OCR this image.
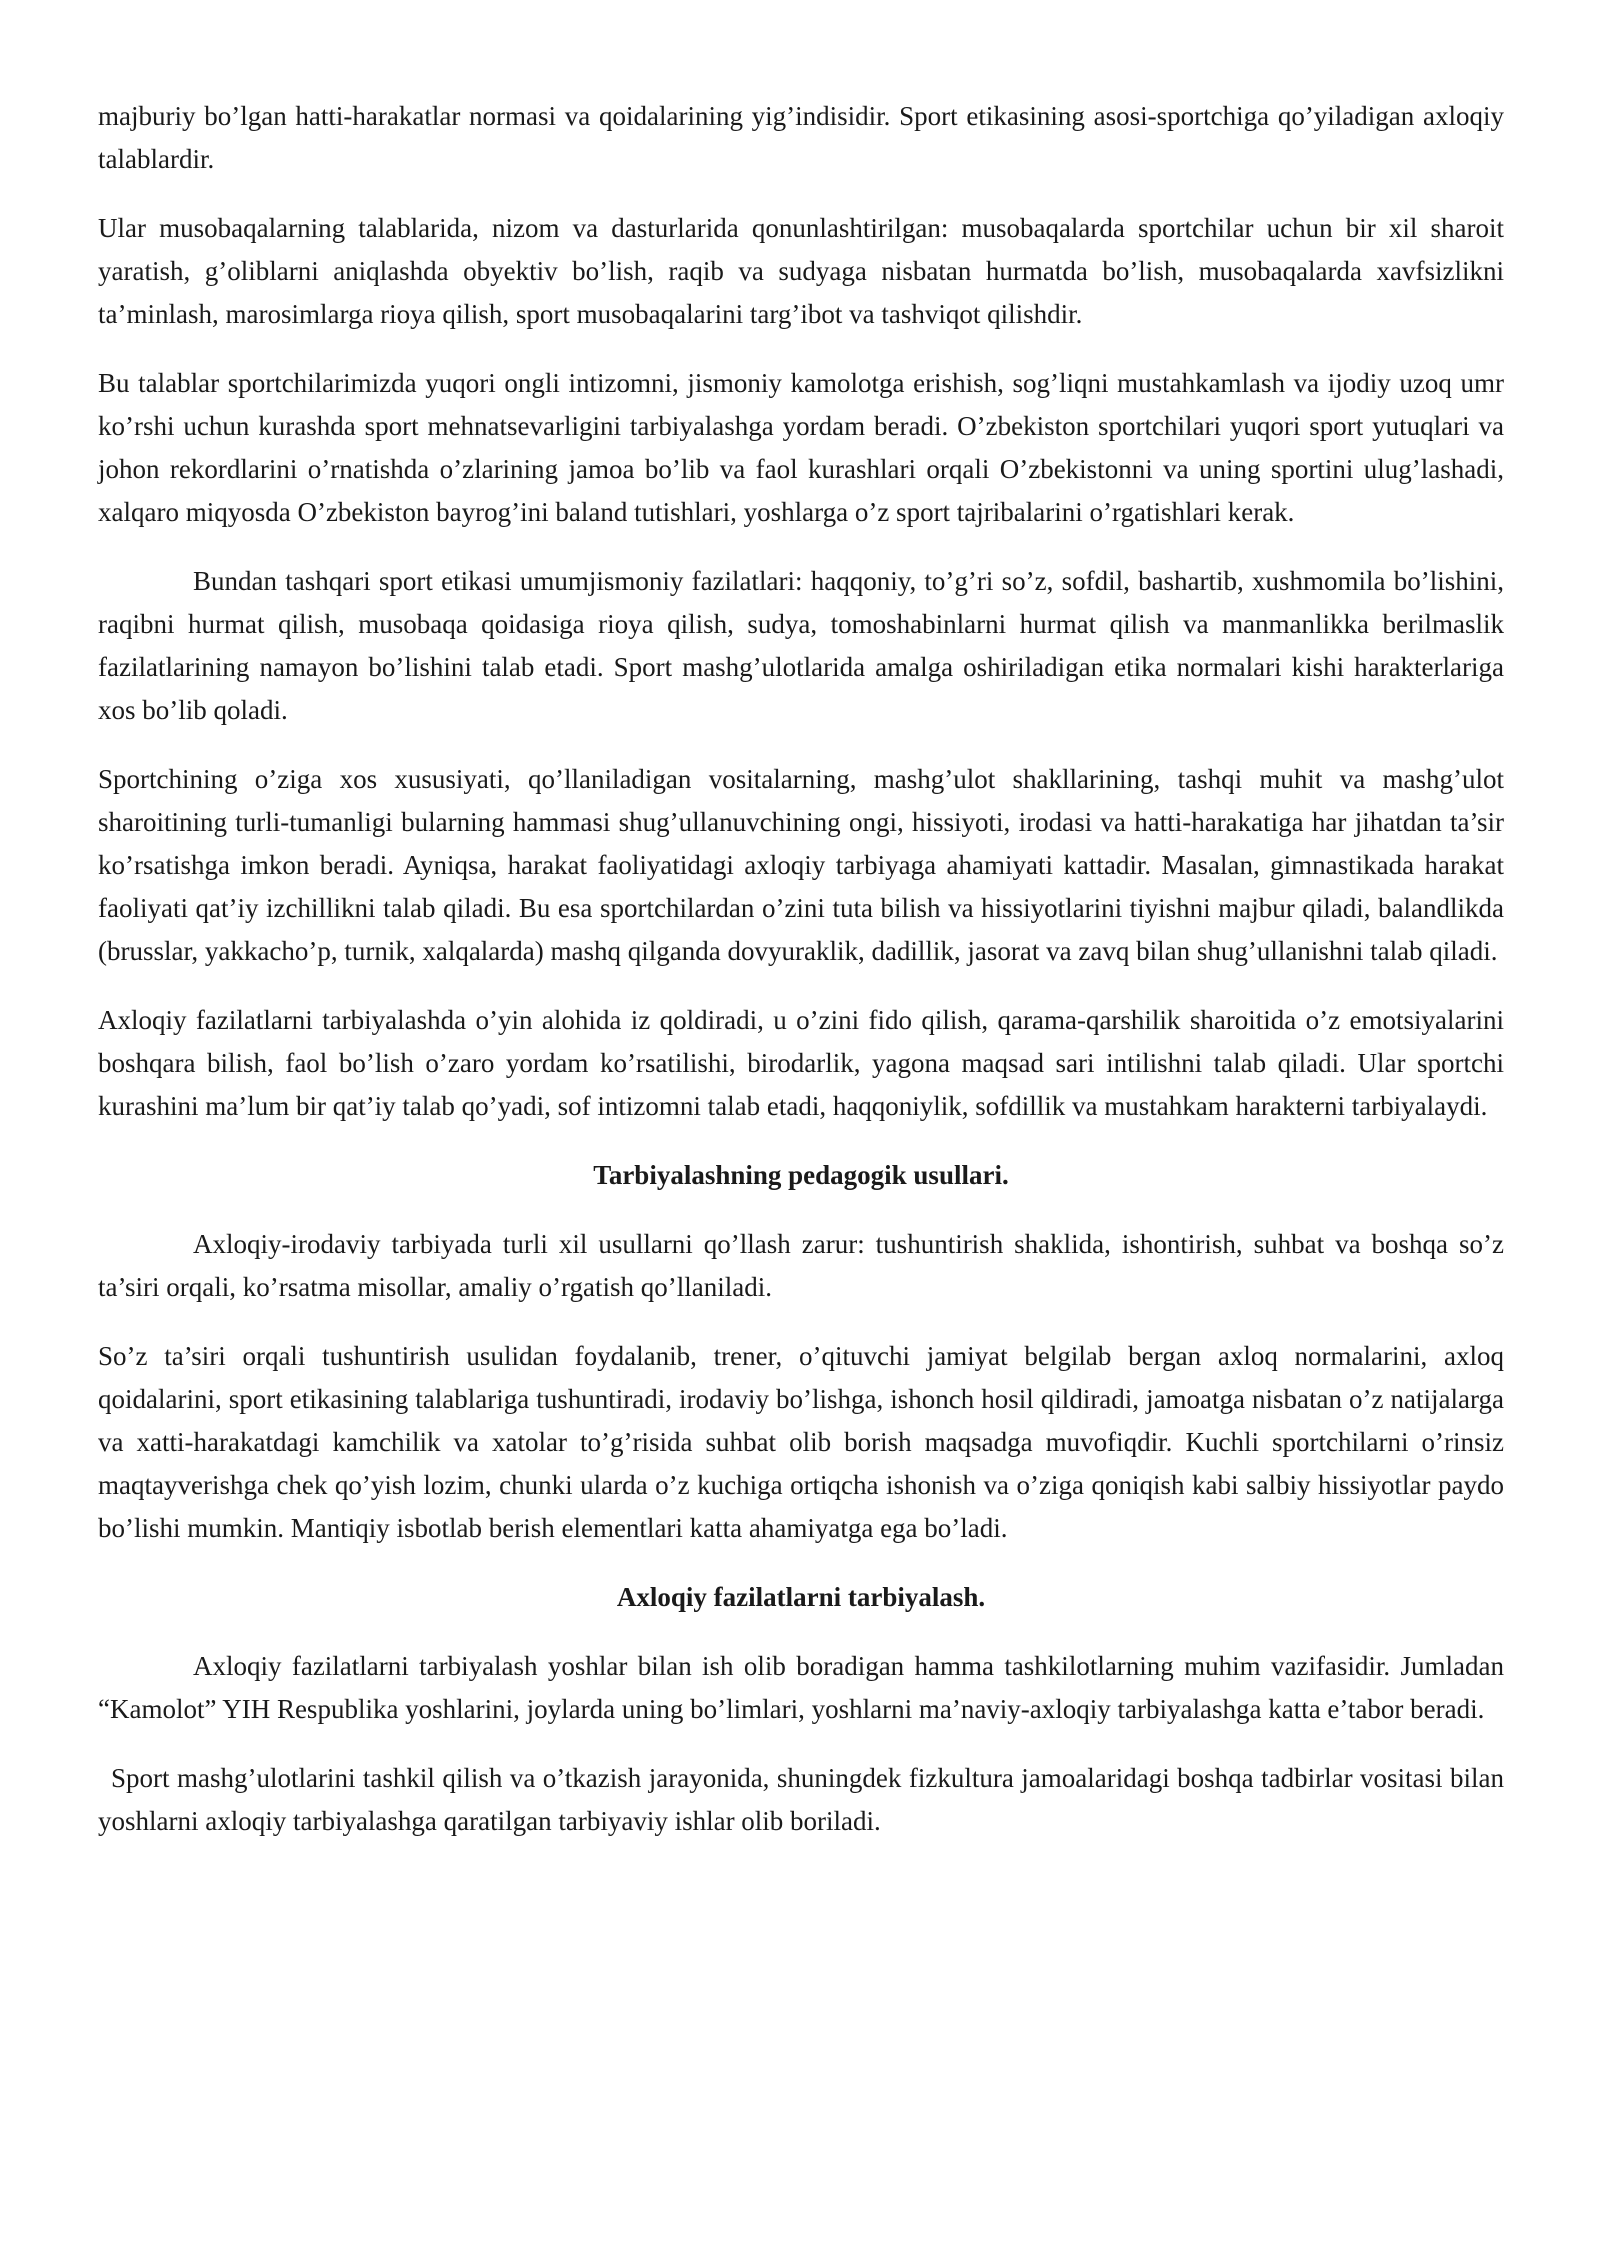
majburiy bo’lgan hatti-harakatlar normasi va qoidalarining yig’indisidir. Sport etikasining asosi-sportchiga qo’yiladigan axloqiy talablardir.

Ular musobaqalarning talablarida, nizom va dasturlarida qonunlashtirilgan: musobaqalarda sportchilar uchun bir xil sharoit yaratish, g’oliblarni aniqlashda obyektiv bo’lish, raqib va sudyaga nisbatan hurmatda bo’lish, musobaqalarda xavfsizlikni ta’minlash, marosimlarga rioya qilish, sport musobaqalarini targ’ibot va tashviqot qilishdir.

Bu talablar sportchilarimizda yuqori ongli intizomni, jismoniy kamolotga erishish, sog’liqni mustahkamlash va ijodiy uzoq umr ko’rshi uchun kurashda sport mehnatsevarligini tarbiyalashga yordam beradi. O’zbekiston sportchilari yuqori sport yutuqlari va johon rekordlarini o’rnatishda o’zlarining jamoa bo’lib va faol kurashlari orqali O’zbekistonni va uning sportini ulug’lashadi, xalqaro miqyosda O’zbekiston bayrog’ini baland tutishlari, yoshlarga o’z sport tajribalarini o’rgatishlari kerak.

Bundan tashqari sport etikasi umumjismoniy fazilatlari: haqqoniy, to’g’ri so’z, sofdil, bashartib, xushmomila bo’lishini, raqibni hurmat qilish, musobaqa qoidasiga rioya qilish, sudya, tomoshabinlarni hurmat qilish va manmanlikka berilmaslik fazilatlarining namayon bo’lishini talab etadi. Sport mashg’ulotlarida amalga oshiriladigan etika normalari kishi harakterlariga xos bo’lib qoladi.

Sportchining o’ziga xos xususiyati, qo’llaniladigan vositalarning, mashg’ulot shakllarining, tashqi muhit va mashg’ulot sharoitining turli-tumanligi bularning hammasi shug’ullanuvchining ongi, hissiyoti, irodasi va hatti-harakatiga har jihatdan ta’sir ko’rsatishga imkon beradi. Ayniqsa, harakat faoliyatidagi axloqiy tarbiyaga ahamiyati kattadir. Masalan, gimnastikada harakat faoliyati qat’iy izchillikni talab qiladi. Bu esa sportchilardan o’zini tuta bilish va hissiyotlarini tiyishni majbur qiladi, balandlikda (brusslar, yakkacho’p, turnik, xalqalarda) mashq qilganda dovyuraklik, dadillik, jasorat va zavq bilan shug’ullanishni talab qiladi.

Axloqiy fazilatlarni tarbiyalashda o’yin alohida iz qoldiradi, u o’zini fido qilish, qarama-qarshilik sharoitida o’z emotsiyalarini boshqara bilish, faol bo’lish o’zaro yordam ko’rsatilishi, birodarlik, yagona maqsad sari intilishni talab qiladi. Ular sportchi kurashini ma’lum bir qat’iy talab qo’yadi, sof intizomni talab etadi, haqqoniylik, sofdillik va mustahkam harakterni tarbiyalaydi.

Tarbiyalashning pedagogik usullari.

Axloqiy-irodaviy tarbiyada turli xil usullarni qo’llash zarur: tushuntirish shaklida, ishontirish, suhbat va boshqa so’z ta’siri orqali, ko’rsatma misollar, amaliy o’rgatish qo’llaniladi.

So’z ta’siri orqali tushuntirish usulidan foydalanib, trener, o’qituvchi jamiyat belgilab bergan axloq normalarini, axloq qoidalarini, sport etikasining talablariga tushuntiradi, irodaviy bo’lishga, ishonch hosil qildiradi, jamoatga nisbatan o’z natijalarga va xatti-harakatdagi kamchilik va xatolar to’g’risida suhbat olib borish maqsadga muvofiqdir. Kuchli sportchilarni o’rinsiz maqtayverishga chek qo’yish lozim, chunki ularda o’z kuchiga ortiqcha ishonish va o’ziga qoniqish kabi salbiy hissiyotlar paydo bo’lishi mumkin. Mantiqiy isbotlab berish elementlari katta ahamiyatga ega bo’ladi.

Axloqiy fazilatlarni tarbiyalash.

Axloqiy fazilatlarni tarbiyalash yoshlar bilan ish olib boradigan hamma tashkilotlarning muhim vazifasidir. Jumladan “Kamolot” YIH Respublika yoshlarini, joylarda uning bo’limlari, yoshlarni ma’naviy-axloqiy tarbiyalashga katta e’tabor beradi.

Sport mashg’ulotlarini tashkil qilish va o’tkazish jarayonida, shuningdek fizkultura jamoalaridagi boshqa tadbirlar vositasi bilan yoshlarni axloqiy tarbiyalashga qaratilgan tarbiyaviy ishlar olib boriladi.
